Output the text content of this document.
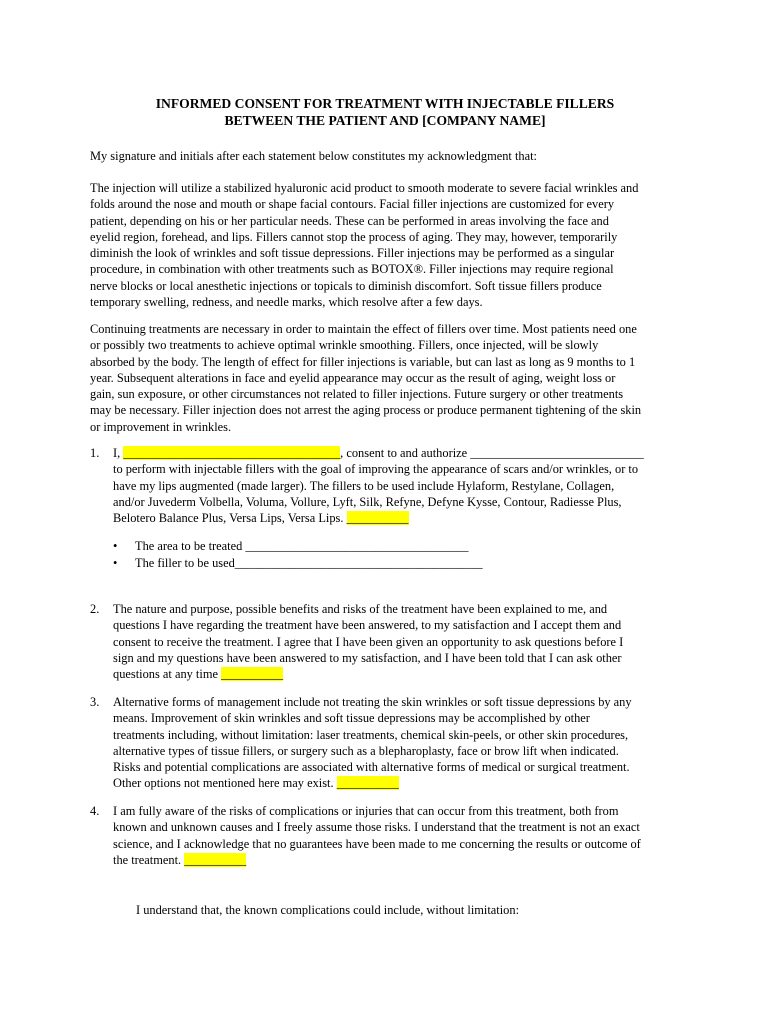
INFORMED CONSENT FOR TREATMENT WITH INJECTABLE FILLERS
BETWEEN THE PATIENT AND [COMPANY NAME]
My signature and initials after each statement below constitutes my acknowledgment that:
The injection will utilize a stabilized hyaluronic acid product to smooth moderate to severe facial wrinkles and
folds around the nose and mouth or shape facial contours. Facial filler injections are customized for every
patient, depending on his or her particular needs. These can be performed in areas involving the face and
eyelid region, forehead, and lips. Fillers cannot stop the process of aging. They may, however, temporarily
diminish the look of wrinkles and soft tissue depressions. Filler injections may be performed as a singular
procedure, in combination with other treatments such as BOTOX®. Filler injections may require regional
nerve blocks or local anesthetic injections or topicals to diminish discomfort. Soft tissue fillers produce
temporary swelling, redness, and needle marks, which resolve after a few days.
Continuing treatments are necessary in order to maintain the effect of fillers over time. Most patients need one
or possibly two treatments to achieve optimal wrinkle smoothing. Fillers, once injected, will be slowly
absorbed by the body. The length of effect for filler injections is variable, but can last as long as 9 months to 1
year. Subsequent alterations in face and eyelid appearance may occur as the result of aging, weight loss or
gain, sun exposure, or other circumstances not related to filler injections. Future surgery or other treatments
may be necessary. Filler injection does not arrest the aging process or produce permanent tightening of the skin
or improvement in wrinkles.
1.	I, ___________________________________, consent to and authorize ____________________________
to perform with injectable fillers with the goal of improving the appearance of scars and/or wrinkles, or to
have my lips augmented (made larger). The fillers to be used include Hylaform, Restylane, Collagen,
and/or Juvederm Volbella, Voluma, Vollure, Lyft, Silk, Refyne, Defyne Kysse, Contour, Radiesse Plus,
Belotero Balance Plus, Versa Lips, Versa Lips. __________
•	The area to be treated ____________________________________
•	The filler to be used________________________________________
2.	The nature and purpose, possible benefits and risks of the treatment have been explained to me, and
questions I have regarding the treatment have been answered, to my satisfaction and I accept them and
consent to receive the treatment. I agree that I have been given an opportunity to ask questions before I
sign and my questions have been answered to my satisfaction, and I have been told that I can ask other
questions at any time __________
3.	Alternative forms of management include not treating the skin wrinkles or soft tissue depressions by any
means. Improvement of skin wrinkles and soft tissue depressions may be accomplished by other
treatments including, without limitation: laser treatments, chemical skin-peels, or other skin procedures,
alternative types of tissue fillers, or surgery such as a blepharoplasty, face or brow lift when indicated.
Risks and potential complications are associated with alternative forms of medical or surgical treatment.
Other options not mentioned here may exist. __________
4.	I am fully aware of the risks of complications or injuries that can occur from this treatment, both from
known and unknown causes and I freely assume those risks. I understand that the treatment is not an exact
science, and I acknowledge that no guarantees have been made to me concerning the results or outcome of
the treatment. __________
I understand that, the known complications could include, without limitation:
